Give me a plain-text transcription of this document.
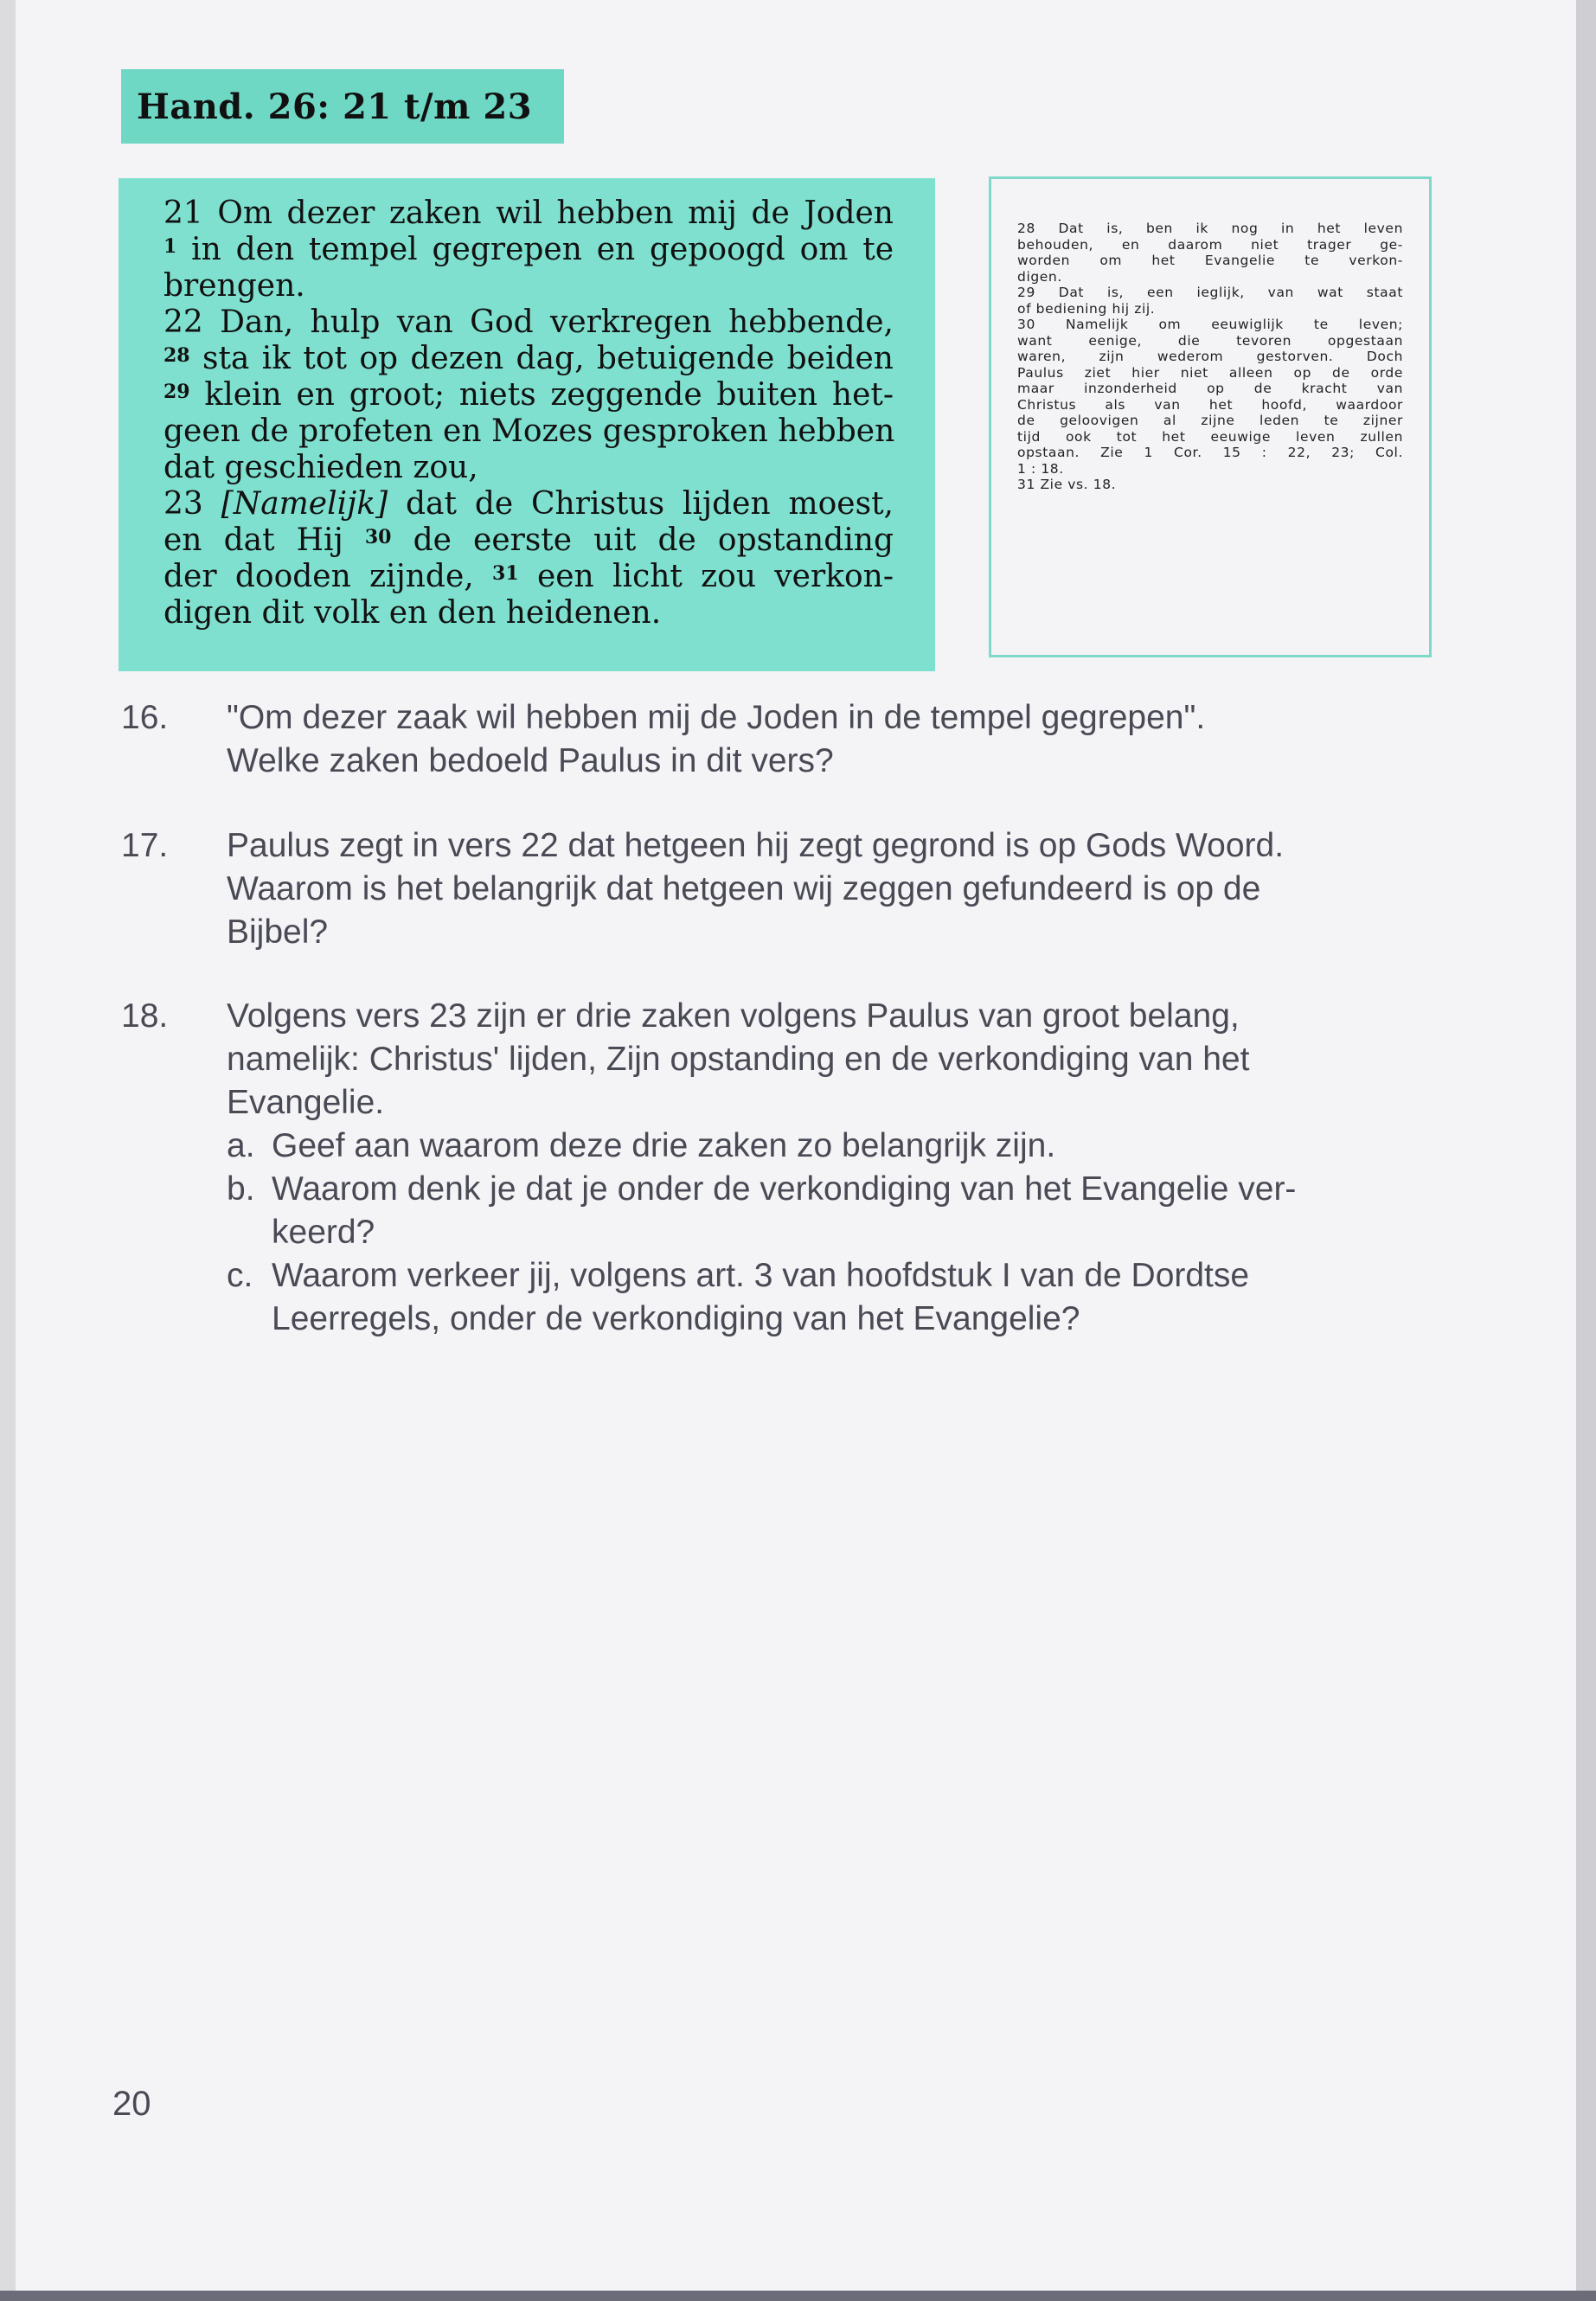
Hand. 26: 21 t/m 23
21 Om dezer zaken wil hebben mij de Joden
$^1$ in den tempel gegrepen en gepoogd om te
brengen.
22 Dan, hulp van God verkregen hebbende,
$^{28}$ sta ik tot op dezen dag, betuigende beiden
$^{29}$ klein en groot; niets zeggende buiten het-
geen de profeten en Mozes gesproken hebben
dat geschieden zou,
23 [Namelijk] dat de Christus lijden moest,
en dat Hij $^{30}$ de eerste uit de opstanding
der dooden zijnde, $^{31}$ een licht zou verkon-
digen dit volk en den heidenen.
28 Dat is, ben ik nog in het leven
behouden, en daarom niet trager ge-
worden om het Evangelie te verkon-
digen.
29 Dat is, een ieglijk, van wat staat
of bediening hij zij.
30 Namelijk om eeuwiglijk te leven;
want eenige, die tevoren opgestaan
waren, zijn wederom gestorven. Doch
Paulus ziet hier niet alleen op de orde
maar inzonderheid op de kracht van
Christus als van het hoofd, waardoor
de geloovigen al zijne leden te zijner
tijd ook tot het eeuwige leven zullen
opstaan. Zie 1 Cor. 15 : 22, 23; Col.
1 : 18.
31 Zie vs. 18.
16. "Om dezer zaak wil hebben mij de Joden in de tempel gegrepen".
Welke zaken bedoeld Paulus in dit vers?
17. Paulus zegt in vers 22 dat hetgeen hij zegt gegrond is op Gods Woord.
Waarom is het belangrijk dat hetgeen wij zeggen gefundeerd is op de
Bijbel?
18. Volgens vers 23 zijn er drie zaken volgens Paulus van groot belang,
namelijk: Christus' lijden, Zijn opstanding en de verkondiging van het
Evangelie.
a. Geef aan waarom deze drie zaken zo belangrijk zijn.
b. Waarom denk je dat je onder de verkondiging van het Evangelie ver-
keerd?
c. Waarom verkeer jij, volgens art. 3 van hoofdstuk I van de Dordtse
Leerregels, onder de verkondiging van het Evangelie?
20
